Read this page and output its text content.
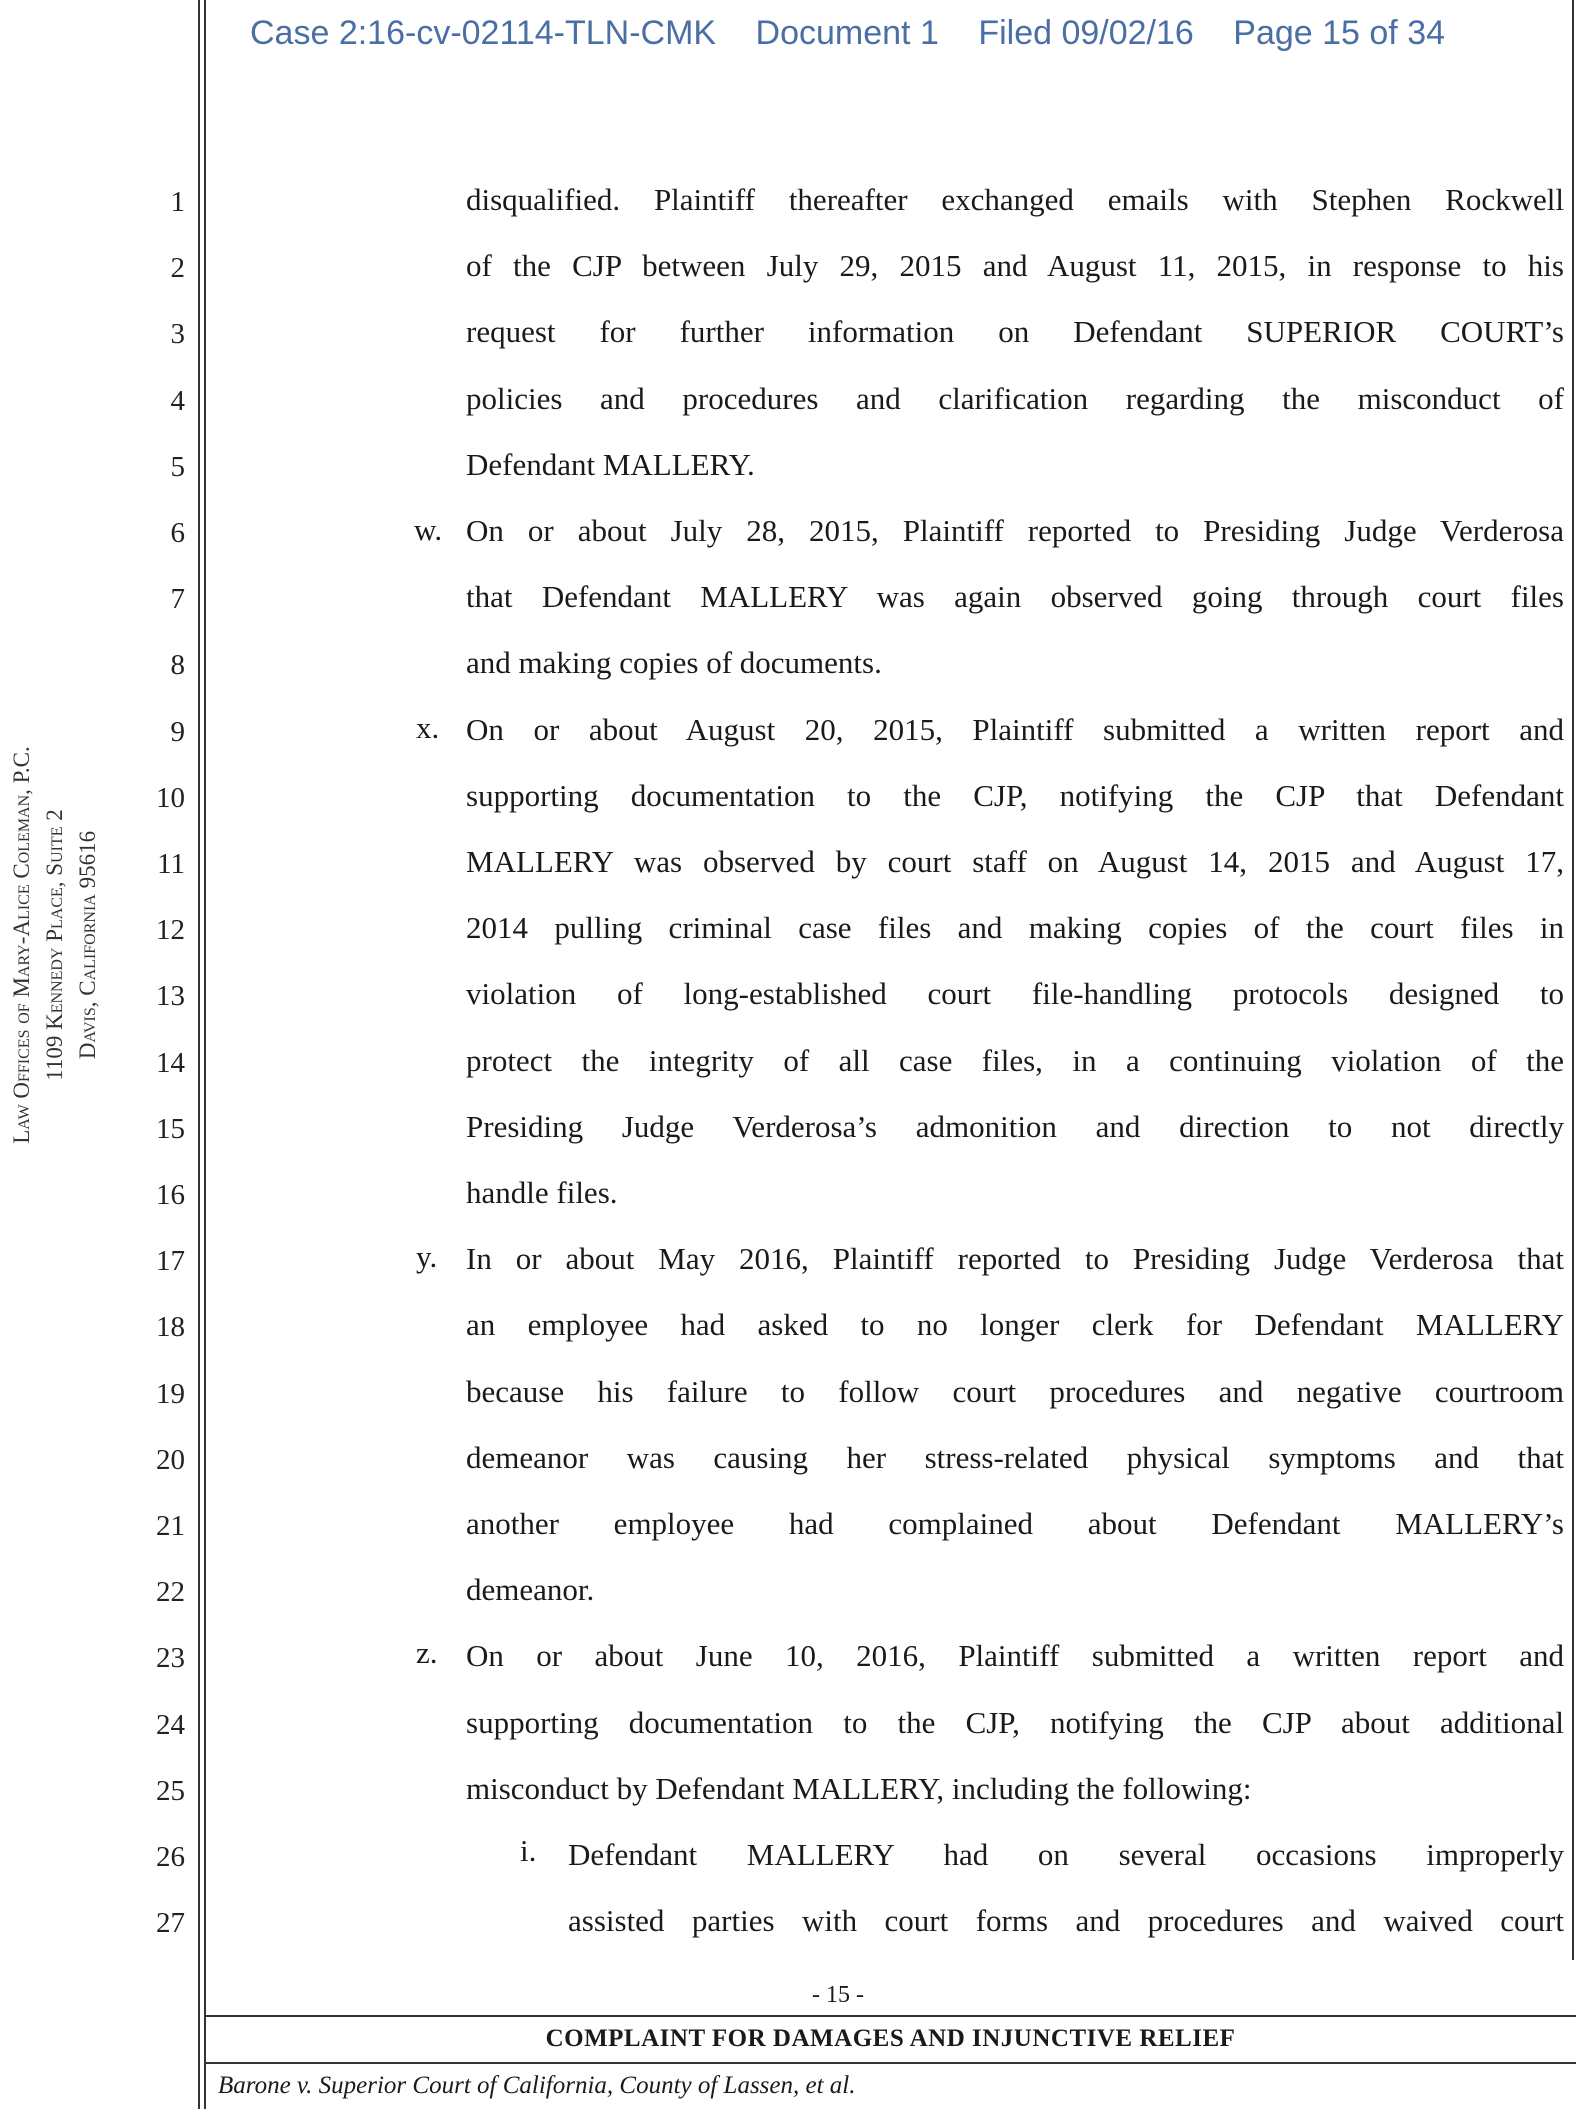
Case 2:16-cv-02114-TLN-CMK Document 1 Filed 09/02/16 Page 15 of 34
Law Offices of Mary-Alice Coleman, P.C. 1109 Kennedy Place, Suite 2 Davis, California 95616
1
2
3
4
5
6
7
8
9
10
11
12
13
14
15
16
17
18
19
20
21
22
23
24
25
26
27
disqualified. Plaintiff thereafter exchanged emails with Stephen Rockwell
of the CJP between July 29, 2015 and August 11, 2015, in response to his
request for further information on Defendant SUPERIOR COURT’s
policies and procedures and clarification regarding the misconduct of
Defendant MALLERY.
On or about July 28, 2015, Plaintiff reported to Presiding Judge Verderosa
that Defendant MALLERY was again observed going through court files
and making copies of documents.
On or about August 20, 2015, Plaintiff submitted a written report and
supporting documentation to the CJP, notifying the CJP that Defendant
MALLERY was observed by court staff on August 14, 2015 and August 17,
2014 pulling criminal case files and making copies of the court files in
violation of long-established court file-handling protocols designed to
protect the integrity of all case files, in a continuing violation of the
Presiding Judge Verderosa’s admonition and direction to not directly
handle files.
In or about May 2016, Plaintiff reported to Presiding Judge Verderosa that
an employee had asked to no longer clerk for Defendant MALLERY
because his failure to follow court procedures and negative courtroom
demeanor was causing her stress-related physical symptoms and that
another employee had complained about Defendant MALLERY’s
demeanor.
On or about June 10, 2016, Plaintiff submitted a written report and
supporting documentation to the CJP, notifying the CJP about additional
misconduct by Defendant MALLERY, including the following:
Defendant MALLERY had on several occasions improperly
assisted parties with court forms and procedures and waived court
w.
x.
y.
z.
i.
- 15 -
COMPLAINT FOR DAMAGES AND INJUNCTIVE RELIEF
Barone v. Superior Court of California, County of Lassen, et al.
